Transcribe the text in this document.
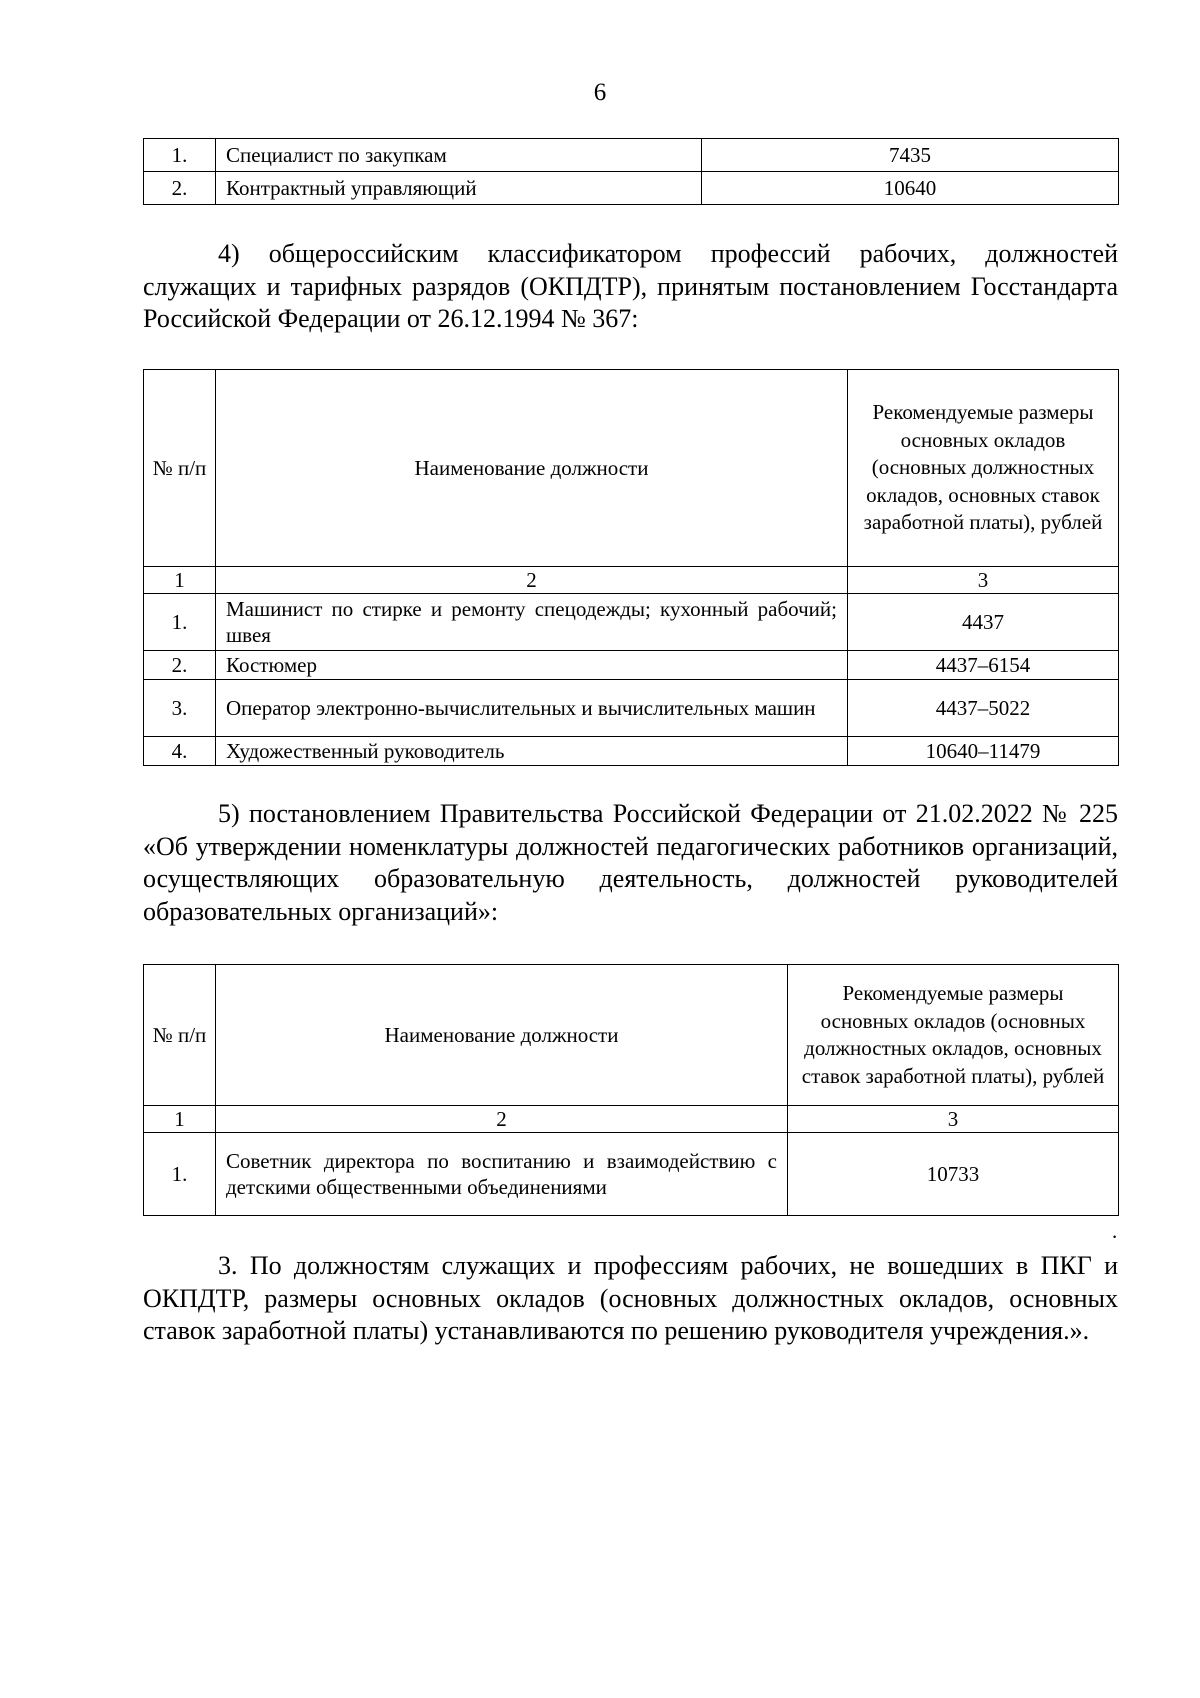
6
1.	Специалист по закупкам	7435
2.	Контрактный управляющий	10640

4) общероссийским классификатором профессий рабочих, должностей служащих и тарифных разрядов (ОКПДТР), принятым постановлением Госстандарта Российской Федерации от 26.12.1994 № 367:

№ п/п	Наименование должности	Рекомендуемые размеры основных окладов (основных должностных окладов, основных ставок заработной платы), рублей
1	2	3
1.	Машинист по стирке и ремонту спецодежды; кухонный рабочий; швея	4437
2.	Костюмер	4437–6154
3.	Оператор электронно-вычислительных и вычислительных машин	4437–5022
4.	Художественный руководитель	10640–11479

5) постановлением Правительства Российской Федерации от 21.02.2022 № 225 «Об утверждении номенклатуры должностей педагогических работников организаций, осуществляющих образовательную деятельность, должностей руководителей образовательных организаций»:

№ п/п	Наименование должности	Рекомендуемые размеры основных окладов (основных должностных окладов, основных ставок заработной платы), рублей
1	2	3
1.	Советник директора по воспитанию и взаимодействию с детскими общественными объединениями	10733
.

3. По должностям служащих и профессиям рабочих, не вошедших в ПКГ и ОКПДТР, размеры основных окладов (основных должностных окладов, основных ставок заработной платы) устанавливаются по решению руководителя учреждения.».
